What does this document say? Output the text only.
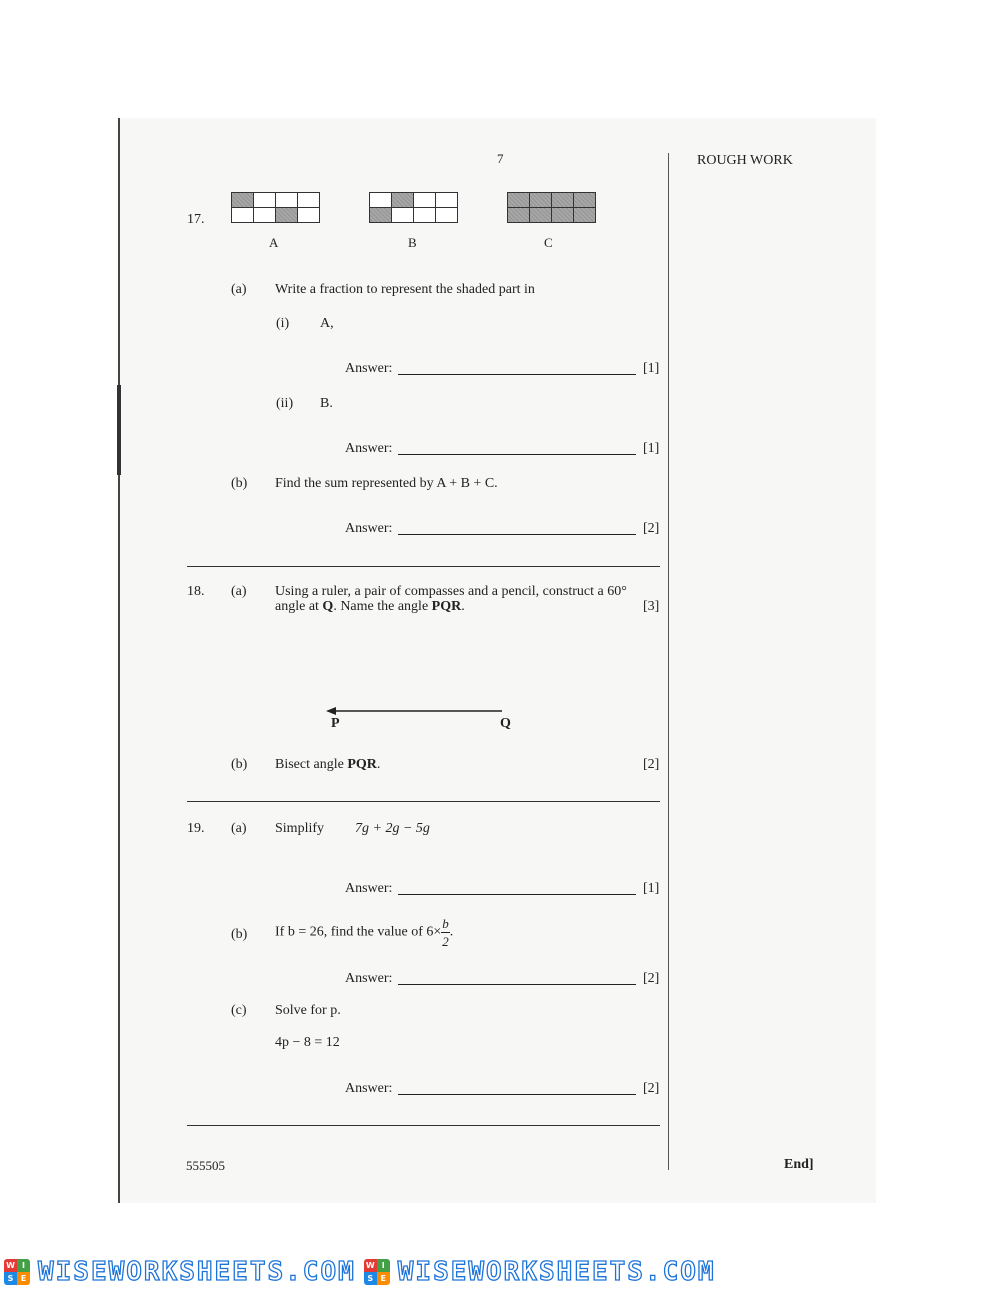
7	ROUGH WORK
17.
A	B	C
(a) Write a fraction to represent the shaded part in
(i) A,
Answer:	[1]
(ii) B.
Answer:	[1]
(b) Find the sum represented by A + B + C.
Answer:	[2]
18. (a) Using a ruler, a pair of compasses and a pencil, construct a 60°
angle at Q. Name the angle PQR.	[3]
P	Q
(b) Bisect angle PQR.	[2]
19. (a) Simplify 7g + 2g − 5g
Answer:	[1]
(b) If b = 26, find the value of $6\times \frac{b}{2}$ .
Answer:	[2]
(c) Solve for p.
4p − 8 = 12
Answer:	[2]
555505	End]
W I
S E WISEWORKSHEETS.COM W I
S E WISEWORKSHEETS.COM
